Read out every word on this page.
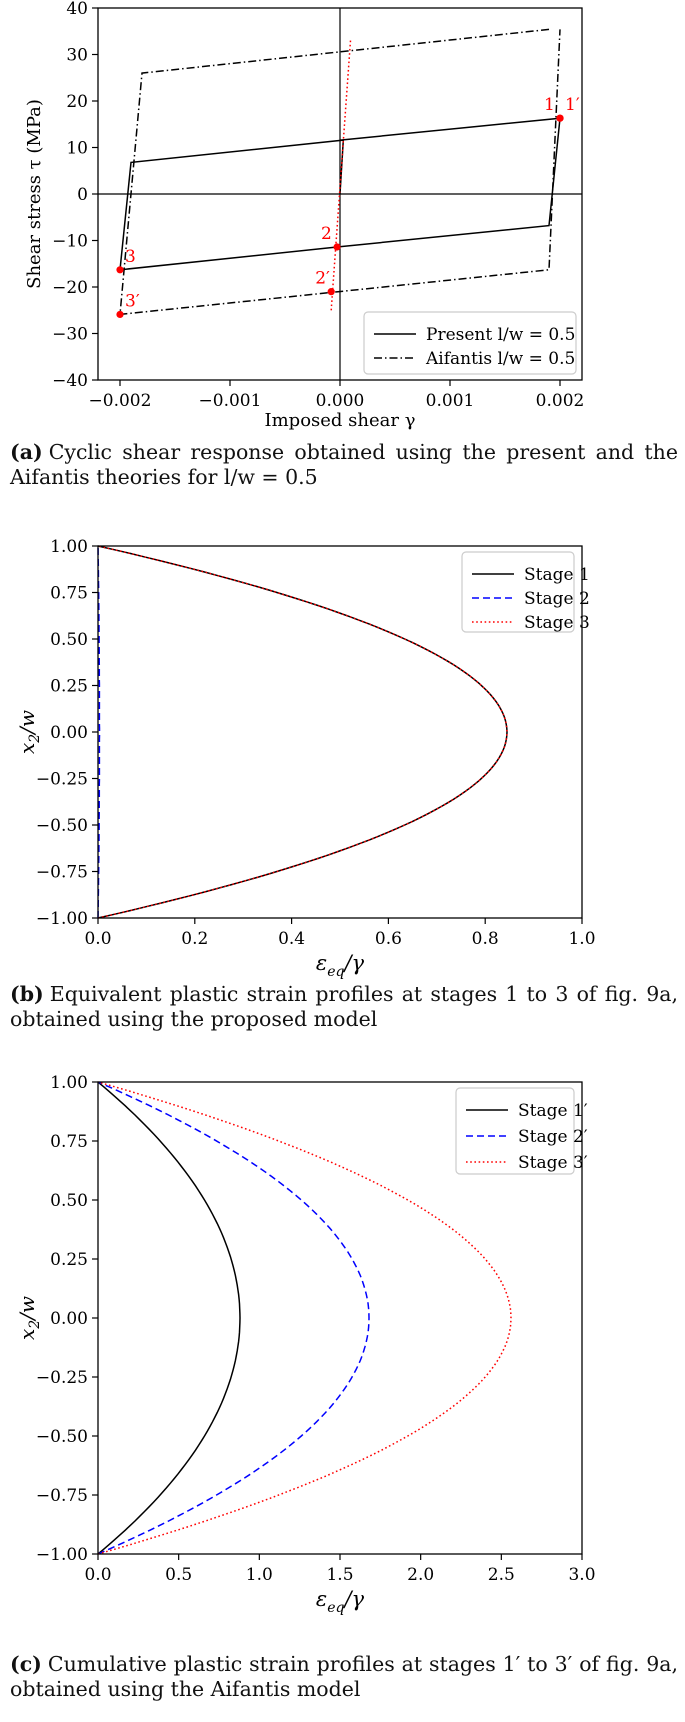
−0.002	−0.001	0.000	0.001	0.002
−40
−30
−20
−10
0
10
20
30
40
1 1′
2
2′
3
3′
Present l/w = 0.5
Aifantis l/w = 0.5
Imposed shear γ
Shear stress τ (MPa)
(a) Cyclic shear response obtained using the present and the Aifantis theories for l/w = 0.5
0.0	0.2	0.4	0.6	0.8	1.0
−1.00
−0.75
−0.50
−0.25
0.00
0.25
0.50
0.75
1.00
Stage 1
Stage 2
Stage 3
$\varepsilon_{eq}/\gamma$
$x_2/w$
(b) Equivalent plastic strain profiles at stages 1 to 3 of fig. 9a, obtained using the proposed model
0.0	0.5	1.0	1.5	2.0	2.5	3.0
−1.00
−0.75
−0.50
−0.25
0.00
0.25
0.50
0.75
1.00
Stage 1′
Stage 2′
Stage 3′
$\varepsilon_{eq}/\gamma$
$x_2/w$
(c) Cumulative plastic strain profiles at stages 1′ to 3′ of fig. 9a, obtained using the Aifantis model
